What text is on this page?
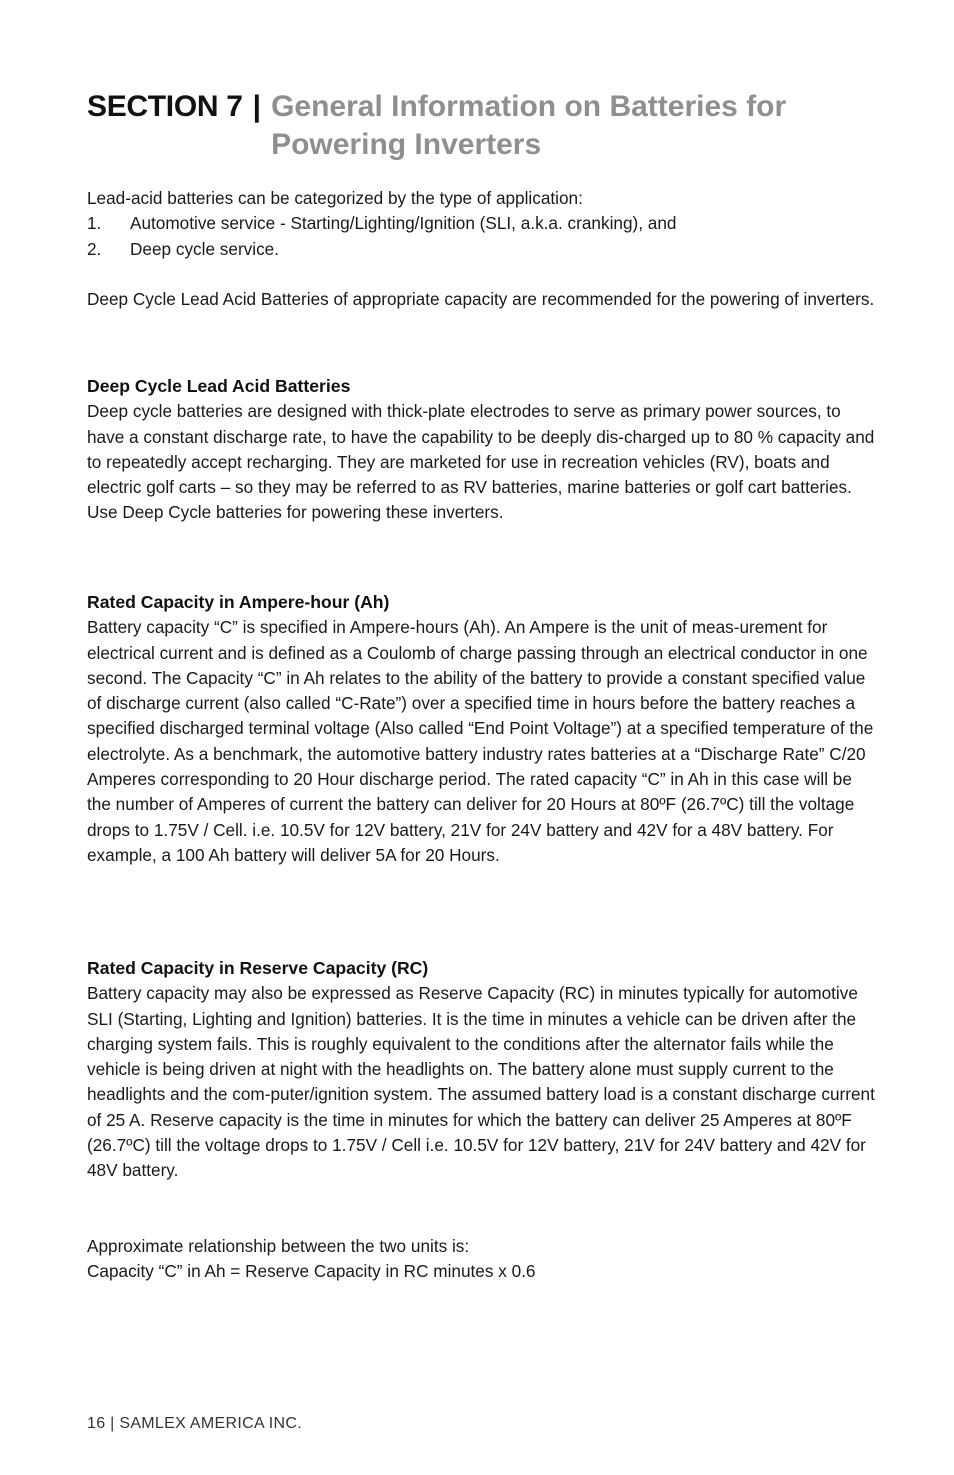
SECTION 7 | General Information on Batteries for Powering Inverters

Lead-acid batteries can be categorized by the type of application:

1.	Automotive service - Starting/Lighting/Ignition (SLI, a.k.a. cranking), and
2.	Deep cycle service.

Deep Cycle Lead Acid Batteries of appropriate capacity are recommended for the powering of inverters.

Deep Cycle Lead Acid Batteries

Deep cycle batteries are designed with thick-plate electrodes to serve as primary power sources, to have a constant discharge rate, to have the capability to be deeply dis-charged up to 80 % capacity and to repeatedly accept recharging. They are marketed for use in recreation vehicles (RV), boats and electric golf carts – so they may be referred to as RV batteries, marine batteries or golf cart batteries. Use Deep Cycle batteries for powering these inverters.

Rated Capacity in Ampere-hour (Ah)

Battery capacity “C” is specified in Ampere-hours (Ah). An Ampere is the unit of meas-urement for electrical current and is defined as a Coulomb of charge passing through an electrical conductor in one second. The Capacity “C” in Ah relates to the ability of the battery to provide a constant specified value of discharge current (also called “C-Rate”) over a specified time in hours before the battery reaches a specified discharged terminal voltage (Also called “End Point Voltage”) at a specified temperature of the electrolyte. As a benchmark, the automotive battery industry rates batteries at a “Discharge Rate” C/20 Amperes corresponding to 20 Hour discharge period. The rated capacity “C” in Ah in this case will be the number of Amperes of current the battery can deliver for 20 Hours at 80ºF (26.7ºC) till the voltage drops to 1.75V / Cell. i.e. 10.5V for 12V battery, 21V for 24V battery and 42V for a 48V battery. For example, a 100 Ah battery will deliver 5A for 20 Hours.

Rated Capacity in Reserve Capacity (RC)

Battery capacity may also be expressed as Reserve Capacity (RC) in minutes typically for automotive SLI (Starting, Lighting and Ignition) batteries. It is the time in minutes a vehicle can be driven after the charging system fails. This is roughly equivalent to the conditions after the alternator fails while the vehicle is being driven at night with the headlights on. The battery alone must supply current to the headlights and the com-puter/ignition system. The assumed battery load is a constant discharge current of 25 A. Reserve capacity is the time in minutes for which the battery can deliver 25 Amperes at 80ºF (26.7ºC) till the voltage drops to 1.75V / Cell i.e. 10.5V for 12V battery, 21V for 24V battery and 42V for 48V battery.

Approximate relationship between the two units is:

Capacity “C” in Ah = Reserve Capacity in RC minutes x 0.6

16 | SAMLEX AMERICA INC.
